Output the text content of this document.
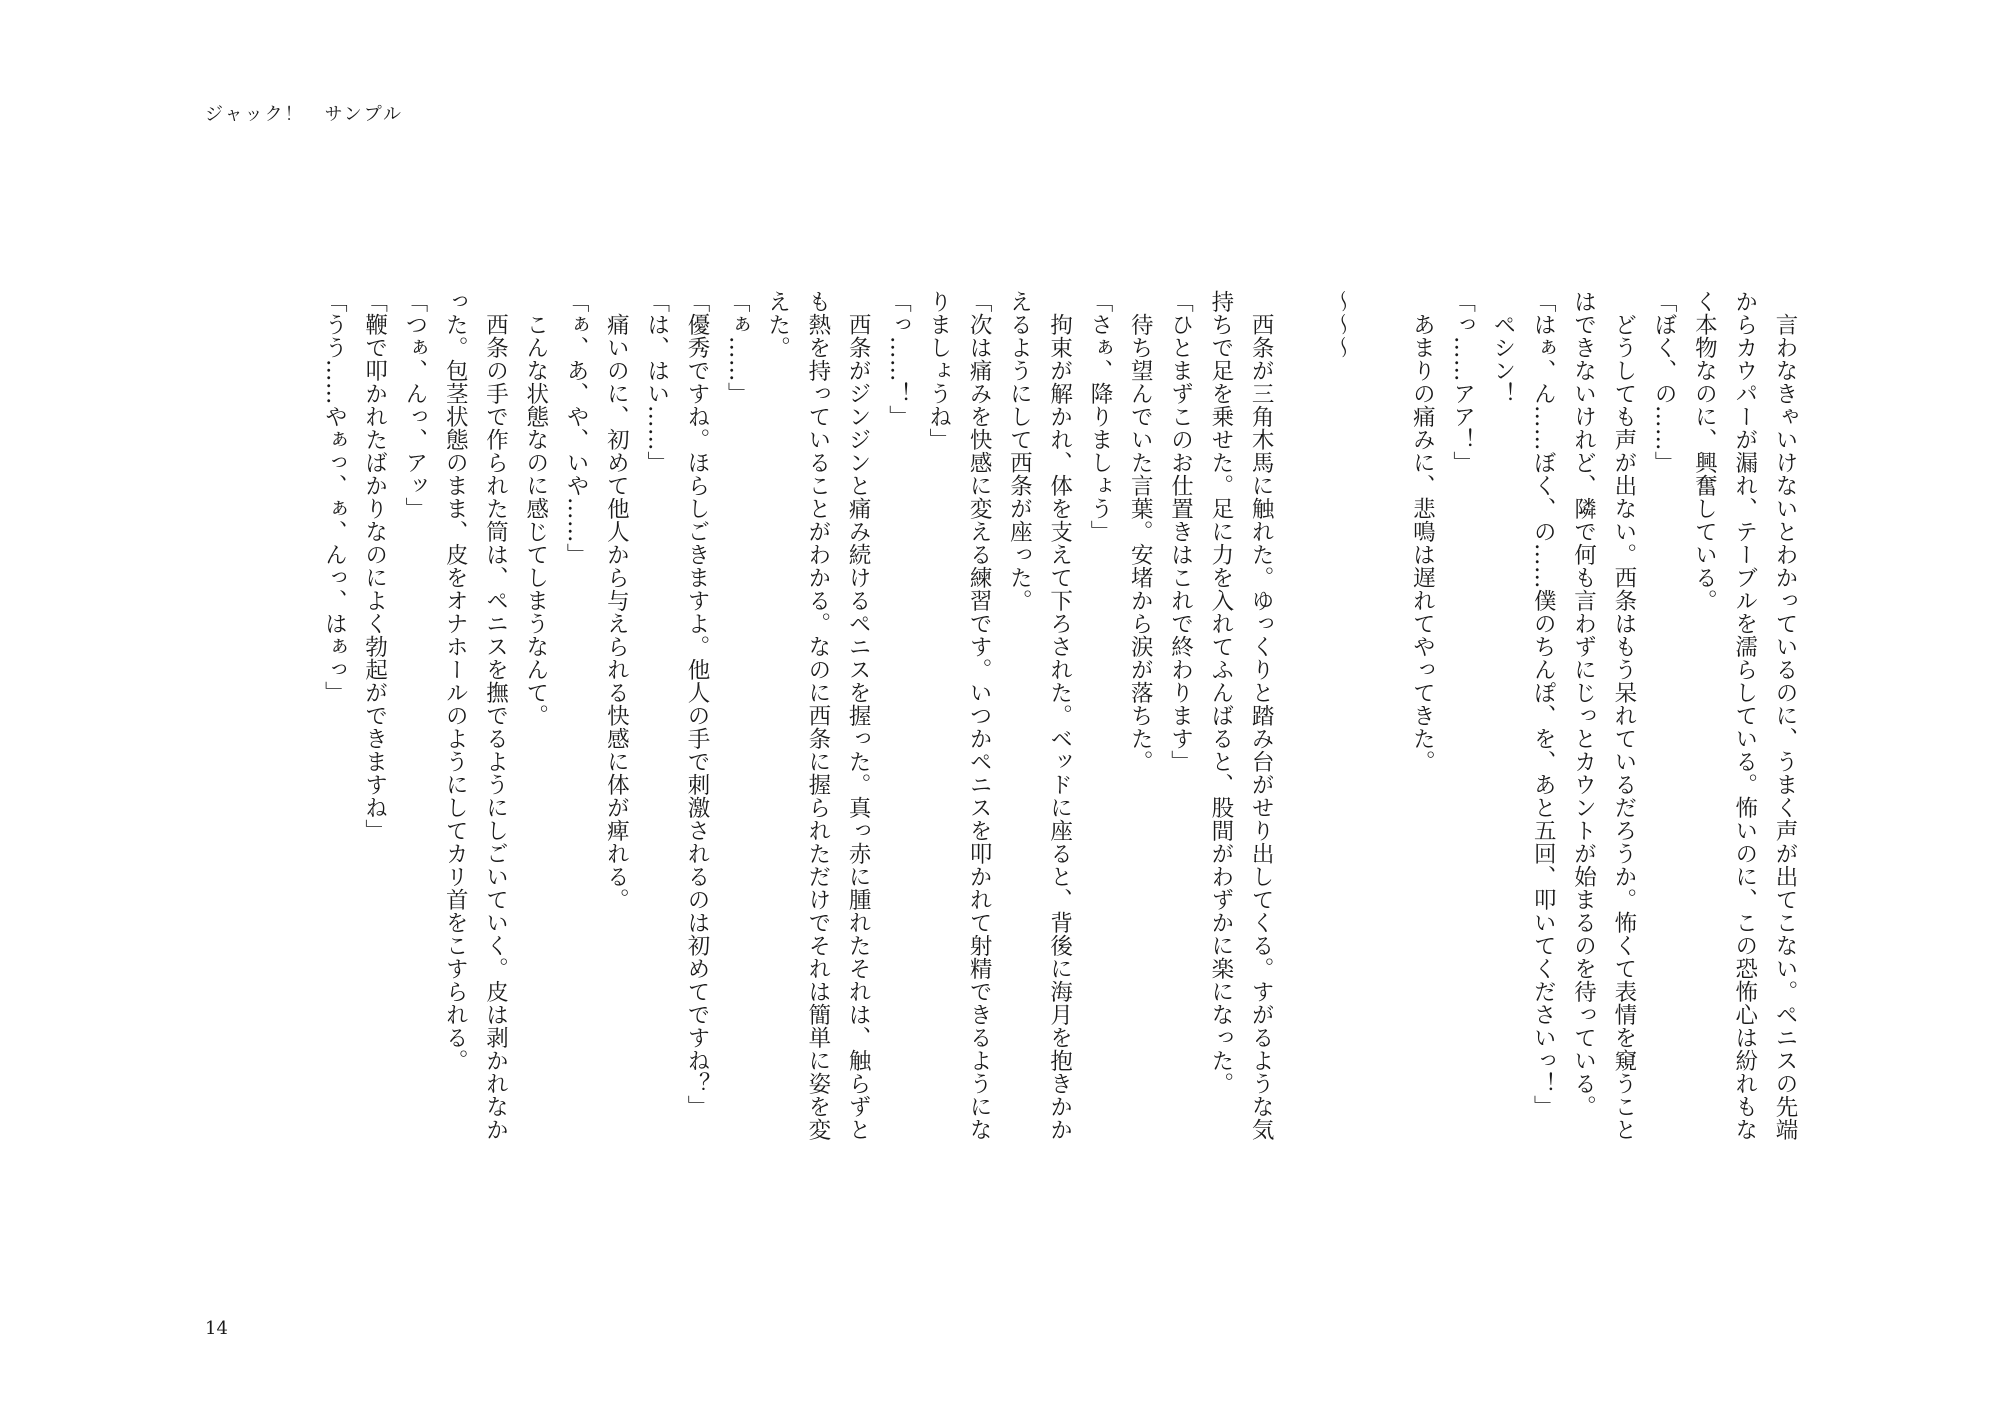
ジャック！　サンプル

　言わなきゃいけないとわかっているのに、うまく声が出てこない。ペニスの先端

からカウパーが漏れ、テーブルを濡らしている。怖いのに、この恐怖心は紛れもな

く本物なのに、興奮している。

「ぼく、の……」

　どうしても声が出ない。西条はもう呆れているだろうか。怖くて表情を窺うこと

はできないけれど、隣で何も言わずにじっとカウントが始まるのを待っている。

「はぁ、ん……ぼく、の……僕のちんぽ、を、あと五回、叩いてくださいっ！」

　ペシン！

「っ……アア！」

　あまりの痛みに、悲鳴は遅れてやってきた。

〜〜〜

　西条が三角木馬に触れた。ゆっくりと踏み台がせり出してくる。すがるような気

持ちで足を乗せた。足に力を入れてふんばると、股間がわずかに楽になった。

「ひとまずこのお仕置きはこれで終わります」

　待ち望んでいた言葉。安堵から涙が落ちた。

「さぁ、降りましょう」

　拘束が解かれ、体を支えて下ろされた。ベッドに座ると、背後に海月を抱きかか

えるようにして西条が座った。

「次は痛みを快感に変える練習です。いつかペニスを叩かれて射精できるようにな

りましょうね」

「っ……！」

　西条がジンジンと痛み続けるペニスを握った。真っ赤に腫れたそれは、触らずと

も熱を持っていることがわかる。なのに西条に握られただけでそれは簡単に姿を変

えた。

「ぁ……」

「優秀ですね。ほらしごきますよ。他人の手で刺激されるのは初めてですね？」

「は、はい……」

　痛いのに、初めて他人から与えられる快感に体が痺れる。

「ぁ、あ、や、いや……」

　こんな状態なのに感じてしまうなんて。

　西条の手で作られた筒は、ペニスを撫でるようにしごいていく。皮は剥かれなか

った。包茎状態のまま、皮をオナホールのようにしてカリ首をこすられる。

「つぁ、んっ、アッ」

「鞭で叩かれたばかりなのによく勃起ができますね」

「うう……やぁっ、ぁ、んっ、はぁっ」

14
